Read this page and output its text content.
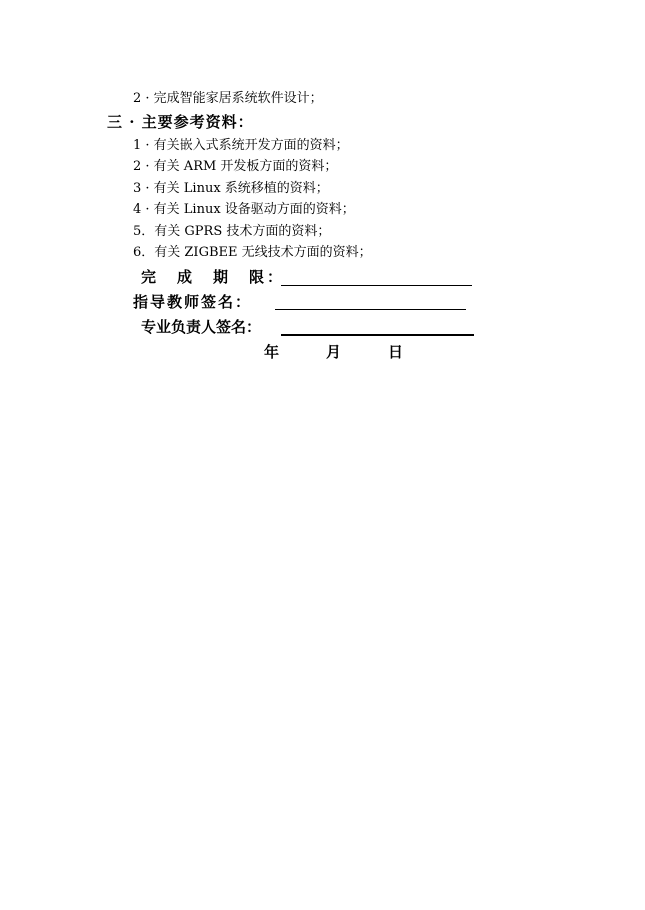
2 · 完成智能家居系统软件设计；
三 · 主要参考资料：
1 · 有关嵌入式系统开发方面的资料；
2 · 有关 ARM 开发板方面的资料；
3 · 有关 Linux 系统移植的资料；
4 · 有关 Linux 设备驱动方面的资料；
5．有关 GPRS 技术方面的资料；
6．有关 ZIGBEE 无线技术方面的资料；
完　成　期　限：
指导教师签名：
专业负责人签名：
年	月	日
